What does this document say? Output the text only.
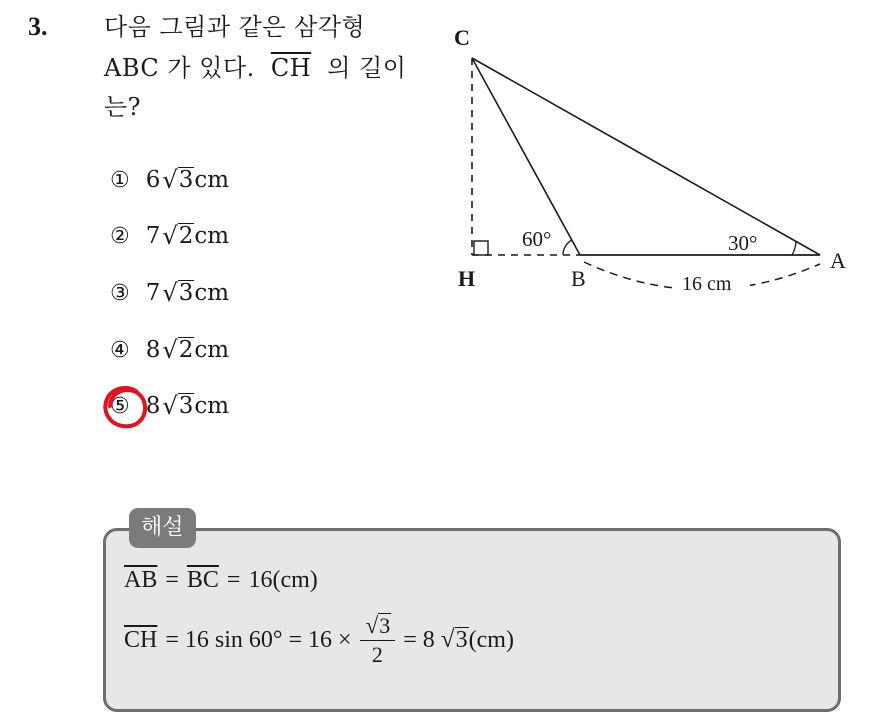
3. 다음 그림과 같은 삼각형
ABC 가 있다. $\overline{CH}$ 의 길이
는?
① 6 √ 3 cm
② 7 √ 2 cm
③ 7 √ 3 cm
④ 8 √ 2 cm
⑤ 8 √ 3 cm
C
H	B
A
60°	30°
16 cm
해설
$\overline{AB} = \overline{BC} = 16(cm)$
$\overline{CH} = 16$ $\sin 60^\circ = 16 \times \frac{√3}{2} = 8$ √ 3 (cm)
